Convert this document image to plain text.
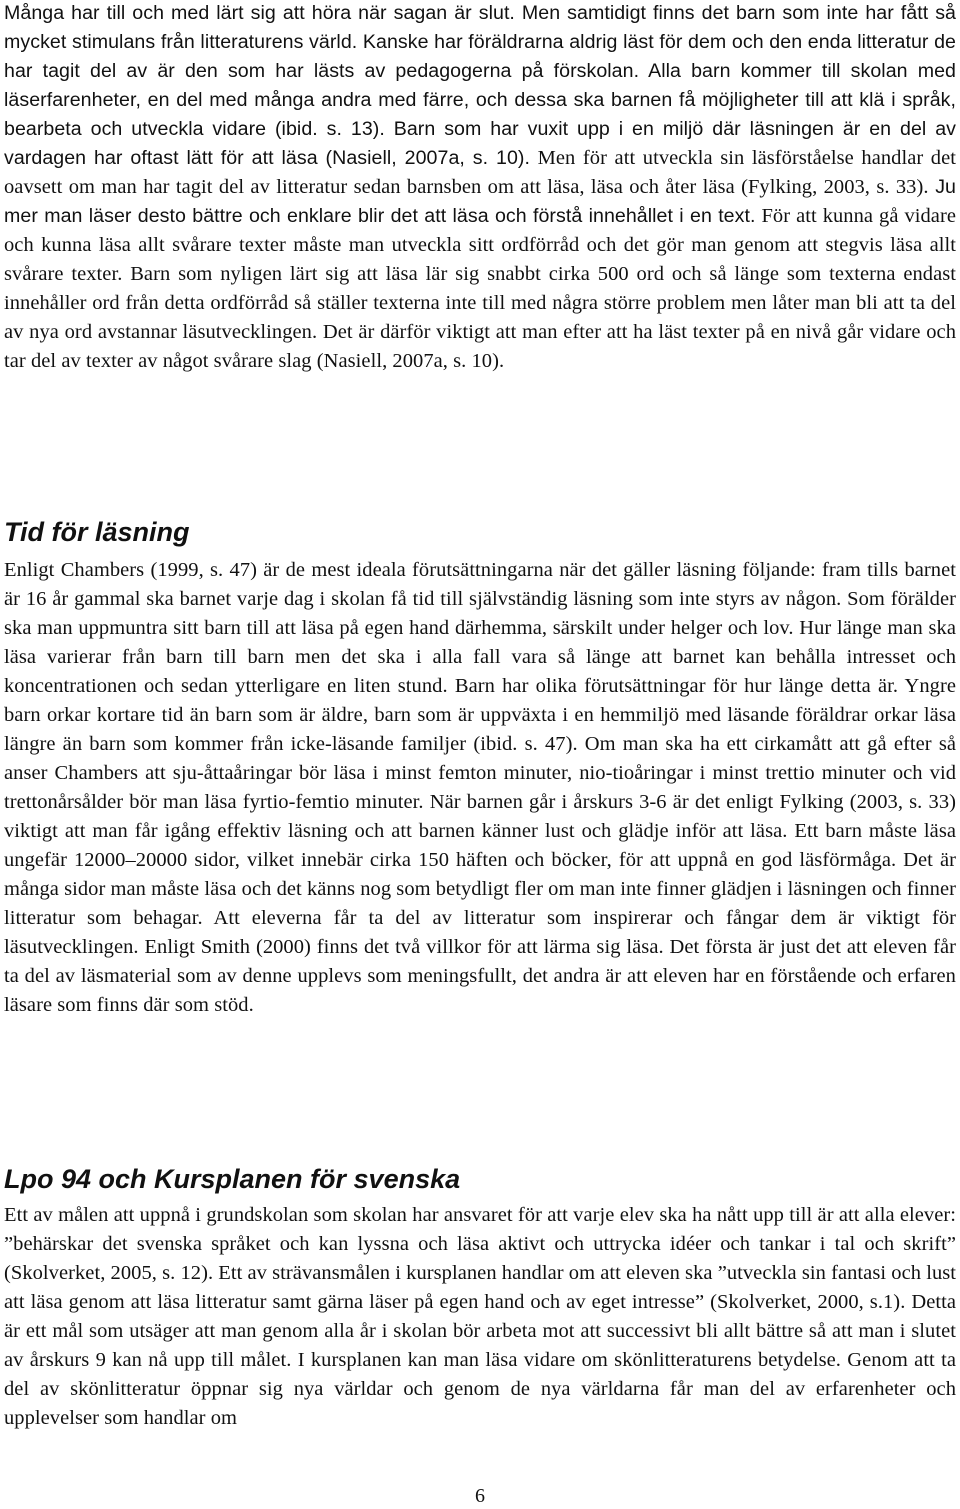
Många har till och med lärt sig att höra när sagan är slut. Men samtidigt finns det barn som inte har fått så mycket stimulans från litteraturens värld. Kanske har föräldrarna aldrig läst för dem och den enda litteratur de har tagit del av är den som har lästs av pedagogerna på förskolan. Alla barn kommer till skolan med läserfarenheter, en del med många andra med färre, och dessa ska barnen få möjligheter till att klä i språk, bearbeta och utveckla vidare (ibid. s. 13). Barn som har vuxit upp i en miljö där läsningen är en del av vardagen har oftast lätt för att läsa (Nasiell, 2007a, s. 10). Men för att utveckla sin läsförståelse handlar det oavsett om man har tagit del av litteratur sedan barnsben om att läsa, läsa och åter läsa (Fylking, 2003, s. 33). Ju mer man läser desto bättre och enklare blir det att läsa och förstå innehållet i en text. För att kunna gå vidare och kunna läsa allt svårare texter måste man utveckla sitt ordförråd och det gör man genom att stegvis läsa allt svårare texter. Barn som nyligen lärt sig att läsa lär sig snabbt cirka 500 ord och så länge som texterna endast innehåller ord från detta ordförråd så ställer texterna inte till med några större problem men låter man bli att ta del av nya ord avstannar läsutvecklingen. Det är därför viktigt att man efter att ha läst texter på en nivå går vidare och tar del av texter av något svårare slag (Nasiell, 2007a, s. 10).

Tid för läsning

Enligt Chambers (1999, s. 47) är de mest ideala förutsättningarna när det gäller läsning följande: fram tills barnet är 16 år gammal ska barnet varje dag i skolan få tid till självständig läsning som inte styrs av någon. Som förälder ska man uppmuntra sitt barn till att läsa på egen hand därhemma, särskilt under helger och lov. Hur länge man ska läsa varierar från barn till barn men det ska i alla fall vara så länge att barnet kan behålla intresset och koncentrationen och sedan ytterligare en liten stund. Barn har olika förutsättningar för hur länge detta är. Yngre barn orkar kortare tid än barn som är äldre, barn som är uppväxta i en hemmiljö med läsande föräldrar orkar läsa längre än barn som kommer från icke-läsande familjer (ibid. s. 47). Om man ska ha ett cirkamått att gå efter så anser Chambers att sju-åttaåringar bör läsa i minst femton minuter, nio-tioåringar i minst trettio minuter och vid trettonårsålder bör man läsa fyrtio-femtio minuter. När barnen går i årskurs 3-6 är det enligt Fylking (2003, s. 33) viktigt att man får igång effektiv läsning och att barnen känner lust och glädje inför att läsa. Ett barn måste läsa ungefär 12000–20000 sidor, vilket innebär cirka 150 häften och böcker, för att uppnå en god läsförmåga. Det är många sidor man måste läsa och det känns nog som betydligt fler om man inte finner glädjen i läsningen och finner litteratur som behagar. Att eleverna får ta del av litteratur som inspirerar och fångar dem är viktigt för läsutvecklingen. Enligt Smith (2000) finns det två villkor för att lärma sig läsa. Det första är just det att eleven får ta del av läsmaterial som av denne upplevs som meningsfullt, det andra är att eleven har en förstående och erfaren läsare som finns där som stöd.

Lpo 94 och Kursplanen för svenska

Ett av målen att uppnå i grundskolan som skolan har ansvaret för att varje elev ska ha nått upp till är att alla elever: ”behärskar det svenska språket och kan lyssna och läsa aktivt och uttrycka idéer och tankar i tal och skrift” (Skolverket, 2005, s. 12). Ett av strävansmålen i kursplanen handlar om att eleven ska ”utveckla sin fantasi och lust att läsa genom att läsa litteratur samt gärna läser på egen hand och av eget intresse” (Skolverket, 2000, s.1). Detta är ett mål som utsäger att man genom alla år i skolan bör arbeta mot att successivt bli allt bättre så att man i slutet av årskurs 9 kan nå upp till målet. I kursplanen kan man läsa vidare om skönlitteraturens betydelse. Genom att ta del av skönlitteratur öppnar sig nya världar och genom de nya världarna får man del av erfarenheter och upplevelser som handlar om

6
